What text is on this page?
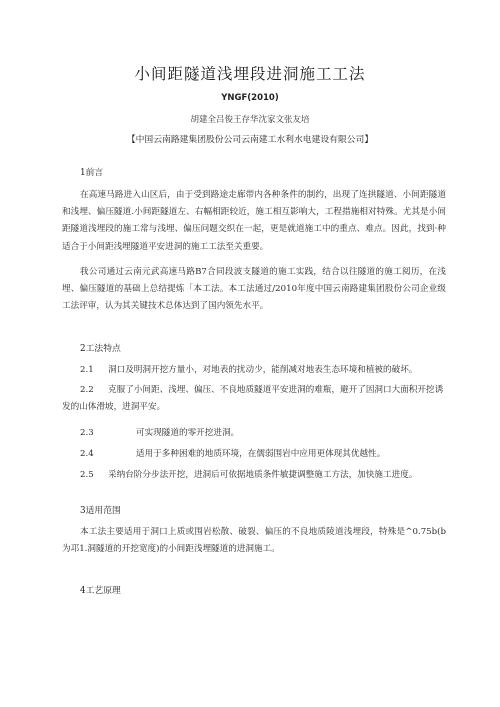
小间距隧道浅埋段进洞施工工法
YNGF(2010)
胡建全吕俊王存华沈家文张友培
【中国云南路建集团股份公司云南建工水利水电建设有限公司】
1前言
在高速马路进入山区后，由于受到路途走廊带内各种条件的制约，出现了连拱隧道、小间距隧道和浅埋、偏压隧道.小间距隧道左、右幅相距较近，施工相互影响大，工程措施相对特殊。尤其是小间距隧道浅埋段的施工常与浅埋、偏压问题交织在一起，更是就道施工中的重点、难点。因此，找到·种适合于小间距浅埋隧道平安进洞的施工工法至关重要。
我公司通过云南元武高速马路B7合同段波支隧道的施工实践，结合以往隧道的施工阅历，在浅埋、偏压隧道的基础上总结提炼「本工法。本工法通过/2010年度中国云南路建集团股份公司企业级工法评审，认为其关键技术总体达到了国内领先水平。
2工法特点
2.1 洞口及明洞开挖方量小，对地表的扰动少，能削减对地表生态环境和植被的破坏。
2.2 克服了小间距、浅埋、偏压、不良地质隧道平安进洞的难瓶，避开了因洞口大面积开挖诱发的山体滑坡，进洞平安。
2.3	可实现隧道的零开挖进洞。
2.4	适用于多种困难的地质环境，在儒弱围岩中应用更体现其优越性。
2.5 采纳台阶分步法开挖，进洞后可依据地质条件敏捷调整施工方法，加快施工进度。
3适用范围
本工法主要适用于洞口上质或围岩松散、破裂、偏压的不良地质陵道浅埋段，特殊是^0.75b(b为邛1.洞隧道的开挖宽度)的小间距浅埋隧道的进洞施工。
4工艺原理
